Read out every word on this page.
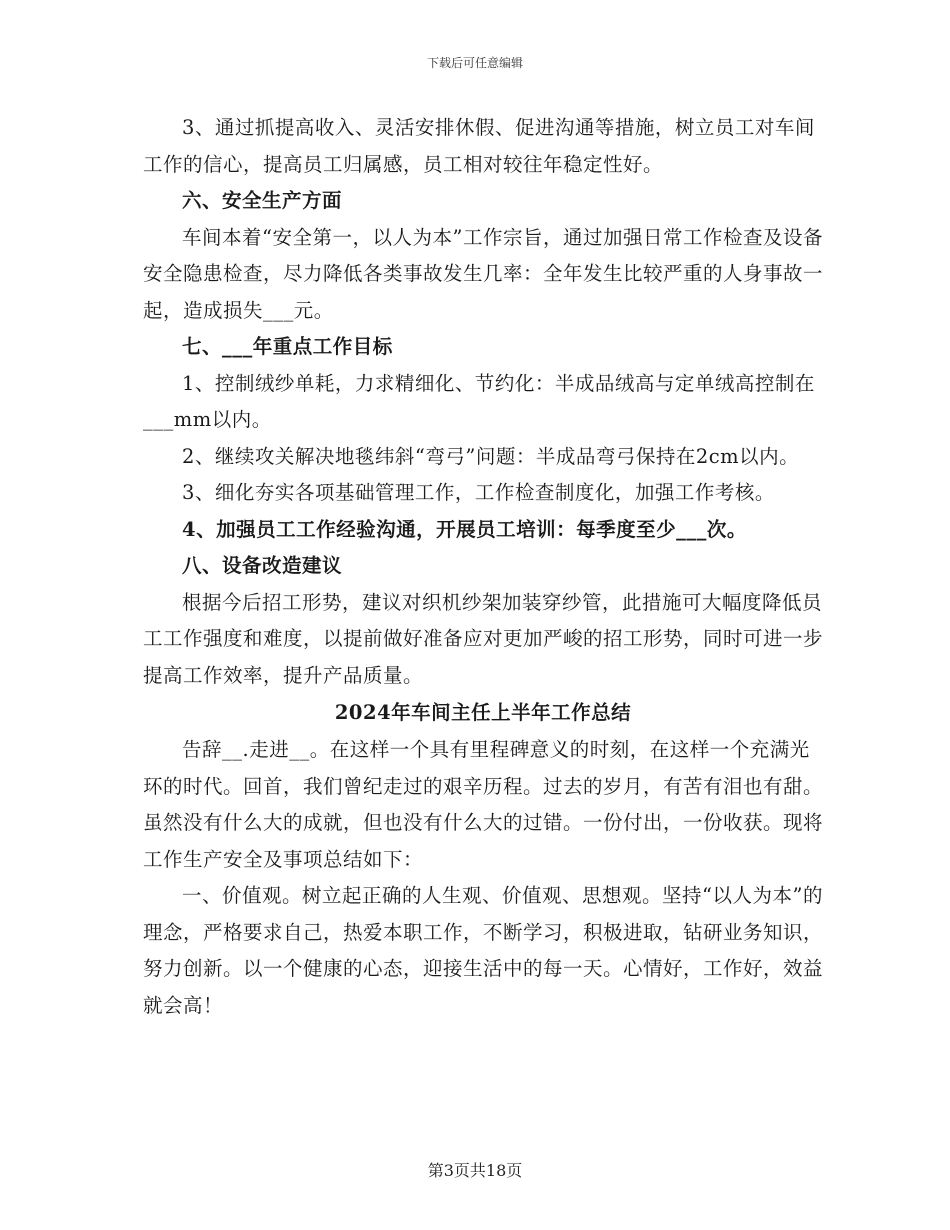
下载后可任意编辑

3、通过抓提高收入、灵活安排休假、促进沟通等措施，树立员工对车间工作的信心，提高员工归属感，员工相对较往年稳定性好。

六、安全生产方面

车间本着“安全第一，以人为本”工作宗旨，通过加强日常工作检查及设备安全隐患检查，尽力降低各类事故发生几率：全年发生比较严重的人身事故一起，造成损失___元。

七、___年重点工作目标

1、控制绒纱单耗，力求精细化、节约化：半成品绒高与定单绒高控制在___mm以内。

2、继续攻关解决地毯纬斜“弯弓”问题：半成品弯弓保持在2cm以内。

3、细化夯实各项基础管理工作，工作检查制度化，加强工作考核。

4、加强员工工作经验沟通，开展员工培训：每季度至少___次。

八、设备改造建议

根据今后招工形势，建议对织机纱架加装穿纱管，此措施可大幅度降低员工工作强度和难度，以提前做好准备应对更加严峻的招工形势，同时可进一步提高工作效率，提升产品质量。

2024年车间主任上半年工作总结

告辞__.走进__。在这样一个具有里程碑意义的时刻，在这样一个充满光环的时代。回首，我们曾纪走过的艰辛历程。过去的岁月，有苦有泪也有甜。虽然没有什么大的成就，但也没有什么大的过错。一份付出，一份收获。现将工作生产安全及事项总结如下：

一、价值观。树立起正确的人生观、价值观、思想观。坚持“以人为本”的理念，严格要求自己，热爱本职工作，不断学习，积极进取，钻研业务知识，努力创新。以一个健康的心态，迎接生活中的每一天。心情好，工作好，效益就会高！

第3页共18页
